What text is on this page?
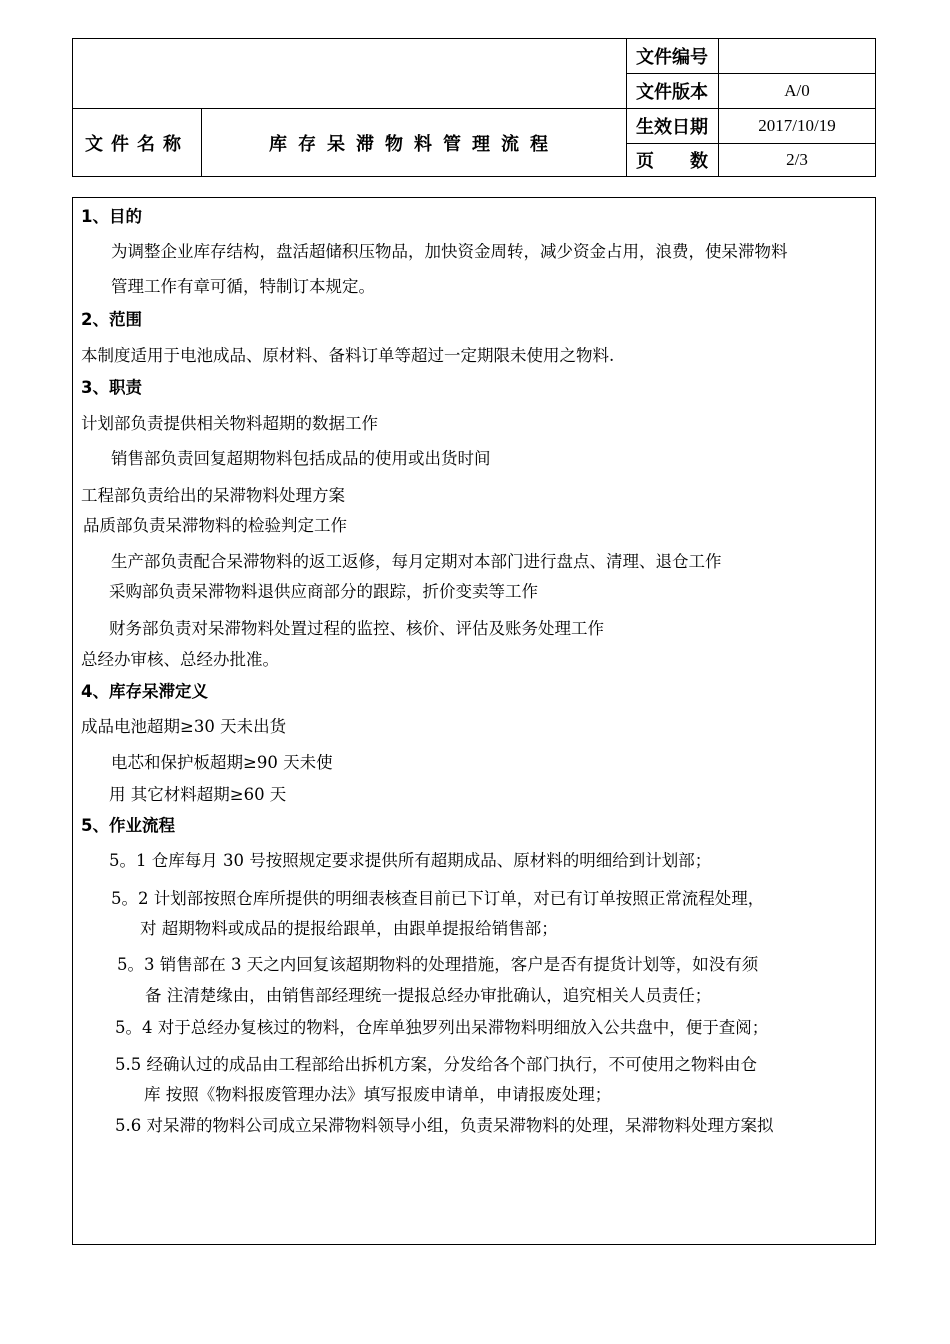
文件编号
文件版本	A/0
生效日期	2017/10/19
页　　数	2/3
文件名称	库存呆滞物料管理流程
1、目的
为调整企业库存结构，盘活超储积压物品，加快资金周转，减少资金占用，浪费，使呆滞物料
管理工作有章可循，特制订本规定。
2、范围
本制度适用于电池成品、原材料、备料订单等超过一定期限未使用之物料.
3、职责
计划部负责提供相关物料超期的数据工作
销售部负责回复超期物料包括成品的使用或出货时间
工程部负责给出的呆滞物料处理方案
品质部负责呆滞物料的检验判定工作
生产部负责配合呆滞物料的返工返修，每月定期对本部门进行盘点、清理、退仓工作
采购部负责呆滞物料退供应商部分的跟踪，折价变卖等工作
财务部负责对呆滞物料处置过程的监控、核价、评估及账务处理工作
总经办审核、总经办批准。
4、库存呆滞定义
成品电池超期≥30 天未出货
电芯和保护板超期≥90 天未使
用 其它材料超期≥60 天
5、作业流程
5。1 仓库每月 30 号按照规定要求提供所有超期成品、原材料的明细给到计划部；
5。2 计划部按照仓库所提供的明细表核查目前已下订单，对已有订单按照正常流程处理，
对 超期物料或成品的提报给跟单，由跟单提报给销售部；
5。3 销售部在 3 天之内回复该超期物料的处理措施，客户是否有提货计划等，如没有须
备 注清楚缘由，由销售部经理统一提报总经办审批确认，追究相关人员责任；
5。4 对于总经办复核过的物料，仓库单独罗列出呆滞物料明细放入公共盘中，便于查阅；
5.5 经确认过的成品由工程部给出拆机方案，分发给各个部门执行，不可使用之物料由仓
库 按照《物料报废管理办法》填写报废申请单，申请报废处理；
5.6 对呆滞的物料公司成立呆滞物料领导小组，负责呆滞物料的处理，呆滞物料处理方案拟
